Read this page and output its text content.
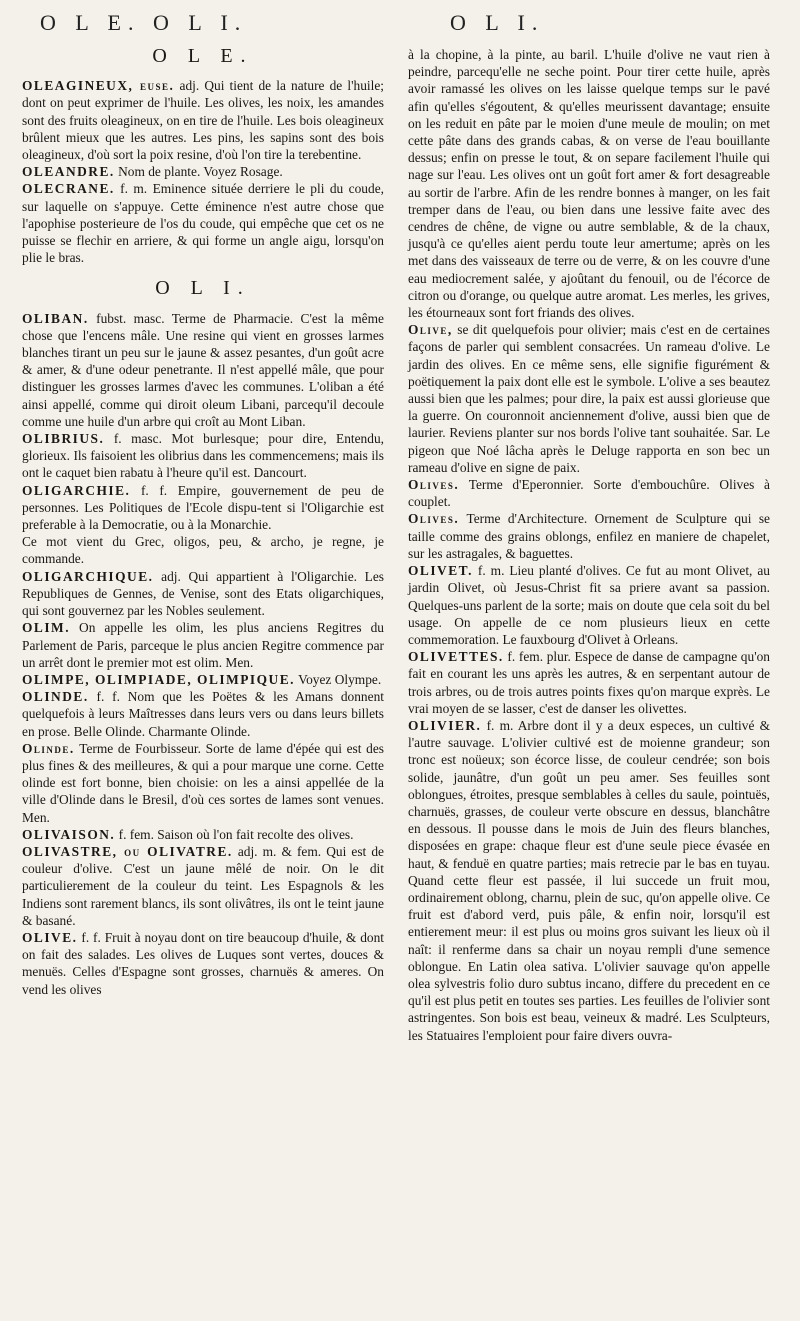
O L E. O L I.	O L I.
O L E.

OLEAGINEUX, euse. adj. Qui tient de la nature de l'huile; dont on peut exprimer de l'huile. Les olives, les noix, les amandes sont des fruits oleagineux, on en tire de l'huile. Les bois oleagineux brûlent mieux que les autres. Les pins, les sapins sont des bois oleagineux, d'où sort la poix resine, d'où l'on tire la terebentine.

OLEANDRE. Nom de plante. Voyez Rosage.

OLECRANE. f. m. Eminence située derriere le pli du coude, sur laquelle on s'appuye. Cette éminence n'est autre chose que l'apophise posterieure de l'os du coude, qui empêche que cet os ne puisse se flechir en arriere, & qui forme un angle aigu, lorsqu'on plie le bras.

O L I.

OLIBAN. fubst. masc. Terme de Pharmacie. C'est la même chose que l'encens mâle. Une resine qui vient en grosses larmes blanches tirant un peu sur le jaune & assez pesantes, d'un goût acre & amer, & d'une odeur penetrante. Il n'est appellé mâle, que pour distinguer les grosses larmes d'avec les communes. L'oliban a été ainsi appellé, comme qui diroit oleum Libani, parcequ'il decoule comme une huile d'un arbre qui croît au Mont Liban.

OLIBRIUS. f. masc. Mot burlesque; pour dire, Entendu, glorieux. Ils faisoient les olibrius dans les commencemens; mais ils ont le caquet bien rabatu à l'heure qu'il est. Dancourt.

OLIGARCHIE. f. f. Empire, gouvernement de peu de personnes. Les Politiques de l'Ecole dispu-tent si l'Oligarchie est preferable à la Democratie, ou à la Monarchie.

Ce mot vient du Grec, oligos, peu, & archo, je regne, je commande.

OLIGARCHIQUE. adj. Qui appartient à l'Oligarchie. Les Republiques de Gennes, de Venise, sont des Etats oligarchiques, qui sont gouvernez par les Nobles seulement.

OLIM. On appelle les olim, les plus anciens Regitres du Parlement de Paris, parceque le plus ancien Regitre commence par un arrêt dont le premier mot est olim. Men.

OLIMPE, OLIMPIADE, OLIMPIQUE. Voyez Olympe.

OLINDE. f. f. Nom que les Poëtes & les Amans donnent quelquefois à leurs Maîtresses dans leurs vers ou dans leurs billets en prose. Belle Olinde. Charmante Olinde.

Olinde. Terme de Fourbisseur. Sorte de lame d'épée qui est des plus fines & des meilleures, & qui a pour marque une corne. Cette olinde est fort bonne, bien choisie: on les a ainsi appellée de la ville d'Olinde dans le Bresil, d'où ces sortes de lames sont venues. Men.

OLIVAISON. f. fem. Saison où l'on fait recolte des olives.

OLIVASTRE, ou OLIVATRE. adj. m. & fem. Qui est de couleur d'olive. C'est un jaune mêlé de noir. On le dit particulierement de la couleur du teint. Les Espagnols & les Indiens sont rarement blancs, ils sont olivâtres, ils ont le teint jaune & basané.

OLIVE. f. f. Fruit à noyau dont on tire beaucoup d'huile, & dont on fait des salades. Les olives de Luques sont vertes, douces & menuës. Celles d'Espagne sont grosses, charnuës & ameres. On vend les olives

à la chopine, à la pinte, au baril. L'huile d'olive ne vaut rien à peindre, parcequ'elle ne seche point. Pour tirer cette huile, après avoir ramassé les olives on les laisse quelque temps sur le pavé afin qu'elles s'égoutent, & qu'elles meurissent davantage; ensuite on les reduit en pâte par le moien d'une meule de moulin; on met cette pâte dans des grands cabas, & on verse de l'eau bouillante dessus; enfin on presse le tout, & on separe facilement l'huile qui nage sur l'eau. Les olives ont un goût fort amer & fort desagreable au sortir de l'arbre. Afin de les rendre bonnes à manger, on les fait tremper dans de l'eau, ou bien dans une lessive faite avec des cendres de chêne, de vigne ou autre semblable, & de la chaux, jusqu'à ce qu'elles aient perdu toute leur amertume; après on les met dans des vaisseaux de terre ou de verre, & on les couvre d'une eau mediocrement salée, y ajoûtant du fenouil, ou de l'écorce de citron ou d'orange, ou quelque autre aromat. Les merles, les grives, les étourneaux sont fort friands des olives.

Olive, se dit quelquefois pour olivier; mais c'est en de certaines façons de parler qui semblent consacrées. Un rameau d'olive. Le jardin des olives. En ce même sens, elle signifie figurément & poëtiquement la paix dont elle est le symbole. L'olive a ses beautez aussi bien que les palmes; pour dire, la paix est aussi glorieuse que la guerre. On couronnoit anciennement d'olive, aussi bien que de laurier. Reviens planter sur nos bords l'olive tant souhaitée. Sar. Le pigeon que Noé lâcha après le Deluge rapporta en son bec un rameau d'olive en signe de paix.

Olives. Terme d'Eperonnier. Sorte d'embouchûre. Olives à couplet.

Olives. Terme d'Architecture. Ornement de Sculpture qui se taille comme des grains oblongs, enfilez en maniere de chapelet, sur les astragales, & baguettes.

OLIVET. f. m. Lieu planté d'olives. Ce fut au mont Olivet, au jardin Olivet, où Jesus-Christ fit sa priere avant sa passion. Quelques-uns parlent de la sorte; mais on doute que cela soit du bel usage. On appelle de ce nom plusieurs lieux en cette commemoration. Le fauxbourg d'Olivet à Orleans.

OLIVETTES. f. fem. plur. Espece de danse de campagne qu'on fait en courant les uns après les autres, & en serpentant autour de trois arbres, ou de trois autres points fixes qu'on marque exprès. Le vrai moyen de se lasser, c'est de danser les olivettes.

OLIVIER. f. m. Arbre dont il y a deux especes, un cultivé & l'autre sauvage. L'olivier cultivé est de moienne grandeur; son tronc est noüeux; son écorce lisse, de couleur cendrée; son bois solide, jaunâtre, d'un goût un peu amer. Ses feuilles sont oblongues, étroites, presque semblables à celles du saule, pointuës, charnuës, grasses, de couleur verte obscure en dessus, blanchâtre en dessous. Il pousse dans le mois de Juin des fleurs blanches, disposées en grape: chaque fleur est d'une seule piece évasée en haut, & fenduë en quatre parties; mais retrecie par le bas en tuyau. Quand cette fleur est passée, il lui succede un fruit mou, ordinairement oblong, charnu, plein de suc, qu'on appelle olive. Ce fruit est d'abord verd, puis pâle, & enfin noir, lorsqu'il est entierement meur: il est plus ou moins gros suivant les lieux où il naît: il renferme dans sa chair un noyau rempli d'une semence oblongue. En Latin olea sativa. L'olivier sauvage qu'on appelle olea sylvestris folio duro subtus incano, differe du precedent en ce qu'il est plus petit en toutes ses parties. Les feuilles de l'olivier sont astringentes. Son bois est beau, veineux & madré. Les Sculpteurs, les Statuaires l'emploient pour faire divers ouvra-
